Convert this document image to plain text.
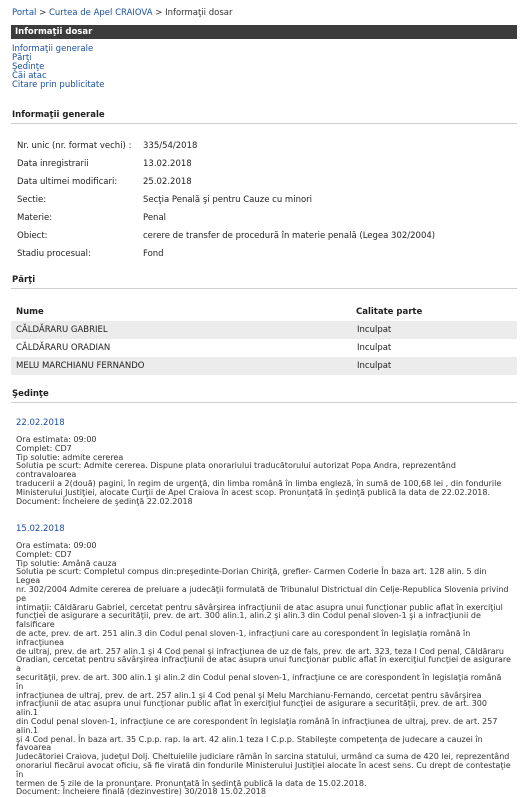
Portal > Curtea de Apel CRAIOVA > Informaţii dosar
Informaţii dosar
Informaţii generale
Părţi
Şedinţe
Căi atac
Citare prin publicitate
Informaţii generale
Nr. unic (nr. format vechi) :	335/54/2018
Data inregistrarii	13.02.2018
Data ultimei modificari:	25.02.2018
Sectie:	Secţia Penală şi pentru Cauze cu minori
Materie:	Penal
Obiect:	cerere de transfer de procedură în materie penală (Legea 302/2004)
Stadiu procesual:	Fond
Părţi
Nume	Calitate parte
CĂLDĂRARU GABRIEL	Inculpat
CĂLDĂRARU ORADIAN	Inculpat
MELU MARCHIANU FERNANDO	Inculpat
Şedinţe
22.02.2018
Ora estimata: 09:00
Complet: CD7
Tip solutie: admite cererea
Solutia pe scurt: Admite cererea. Dispune plata onorariului traducătorului autorizat Popa Andra, reprezentând contravaloarea
traducerii a 2(două) pagini, în regim de urgenţă, din limba română în limba engleză, în sumă de 100,68 lei , din fondurile
Ministerului Justiţiei, alocate Curţii de Apel Craiova în acest scop. Pronunţată în şedinţă publică la data de 22.02.2018.
Document: Încheiere de şedinţă 22.02.2018
15.02.2018
Ora estimata: 09:00
Complet: CD7
Tip solutie: Amână cauza
Solutia pe scurt: Completul compus din:preşedinte-Dorian Chiriţă, grefier- Carmen Coderie În baza art. 128 alin. 5 din Legea
nr. 302/2004 Admite cererea de preluare a judecăţii formulată de Tribunalul Districtual din Celje-Republica Slovenia privind pe
intimaţii: Căldăraru Gabriel, cercetat pentru săvârşirea infracţiunii de atac asupra unui funcţionar public aflat în exerciţiul
funcţiei de asigurare a securităţii, prev. de art. 300 alin.1, alin.2 şi alin.3 din Codul penal sloven-1 şi a infracţiunii de falsificare
de acte, prev. de art. 251 alin.3 din Codul penal sloven-1, infracţiuni care au corespondent în legislaţia română în infracţiunea
de ultraj, prev. de art. 257 alin.1 şi 4 Cod penal şi infracţiunea de uz de fals, prev. de art. 323, teza I Cod penal, Căldăraru
Oradian, cercetat pentru săvârşirea infracţiunii de atac asupra unui funcţionar public aflat în exerciţiul funcţiei de asigurare a
securităţii, prev. de art. 300 alin.1 şi alin.2 din Codul penal sloven-1, infracţiune ce are corespondent în legislaţia română în
infracţiunea de ultraj, prev. de art. 257 alin.1 şi 4 Cod penal şi Melu Marchianu-Fernando, cercetat pentru săvârşirea
infracţiunii de atac asupra unui funcţionar public aflat în exerciţiul funcţiei de asigurare a securităţii, prev. de art. 300 alin.1
din Codul penal sloven-1, infracţiune ce are corespondent în legislaţia română în infracţiunea de ultraj, prev. de art. 257 alin.1
şi 4 Cod penal. În baza art. 35 C.p.p. rap. la art. 42 alin.1 teza I C.p.p. Stabileşte competenţa de judecare a cauzei în favoarea
Judecătoriei Craiova, judeţul Dolj. Cheltuielile judiciare rămân în sarcina statului, urmând ca suma de 420 lei, reprezentând
onorariul fiecărui avocat oficiu, să fie virată din fondurile Ministerului Justiţiei alocate în acest sens. Cu drept de contestaţie în
termen de 5 zile de la pronunţare. Pronunţată în şedinţă publică la data de 15.02.2018.
Document: Încheiere finală (dezinvestire) 30/2018 15.02.2018
